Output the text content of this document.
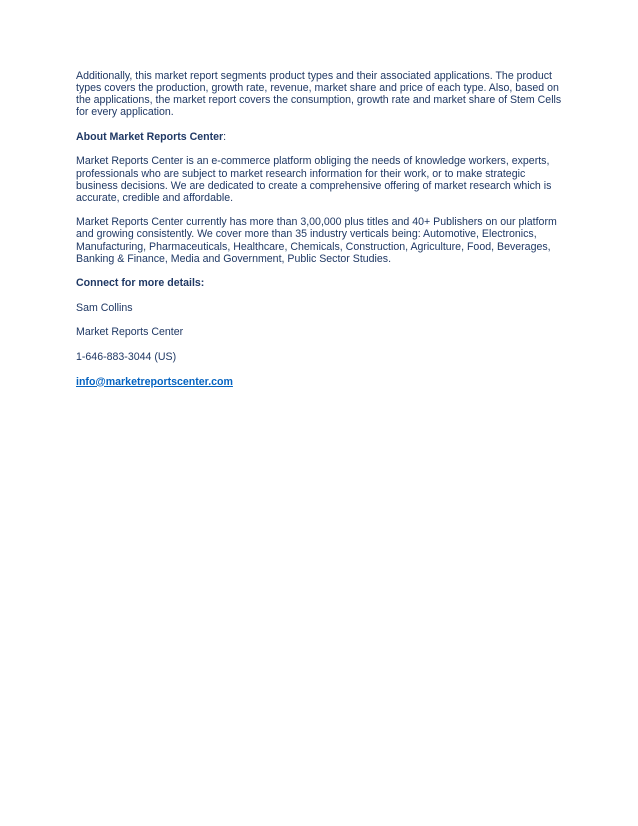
Additionally, this market report segments product types and their associated applications. The product types covers the production, growth rate, revenue, market share and price of each type. Also, based on the applications, the market report covers the consumption, growth rate and market share of Stem Cells for every application.

About Market Reports Center:

Market Reports Center is an e-commerce platform obliging the needs of knowledge workers, experts, professionals who are subject to market research information for their work, or to make strategic business decisions. We are dedicated to create a comprehensive offering of market research which is accurate, credible and affordable.

Market Reports Center currently has more than 3,00,000 plus titles and 40+ Publishers on our platform and growing consistently. We cover more than 35 industry verticals being: Automotive, Electronics, Manufacturing, Pharmaceuticals, Healthcare, Chemicals, Construction, Agriculture, Food, Beverages, Banking & Finance, Media and Government, Public Sector Studies.

Connect for more details:

Sam Collins

Market Reports Center

1-646-883-3044 (US)

info@marketreportscenter.com
